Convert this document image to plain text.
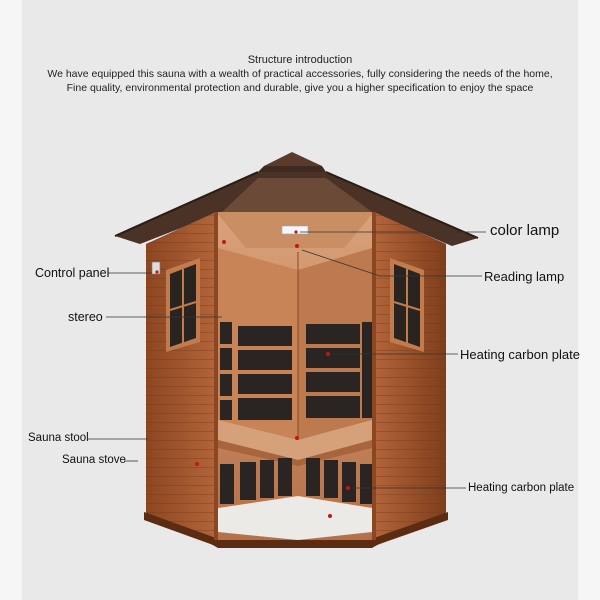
Structure introduction
We have equipped this sauna with a wealth of practical accessories, fully considering the needs of the home,
Fine quality, environmental protection and durable, give you a higher specification to enjoy the space
color lamp
Reading lamp
Heating carbon plate
Heating carbon plate
Control panel
stereo
Sauna stool
Sauna stove
